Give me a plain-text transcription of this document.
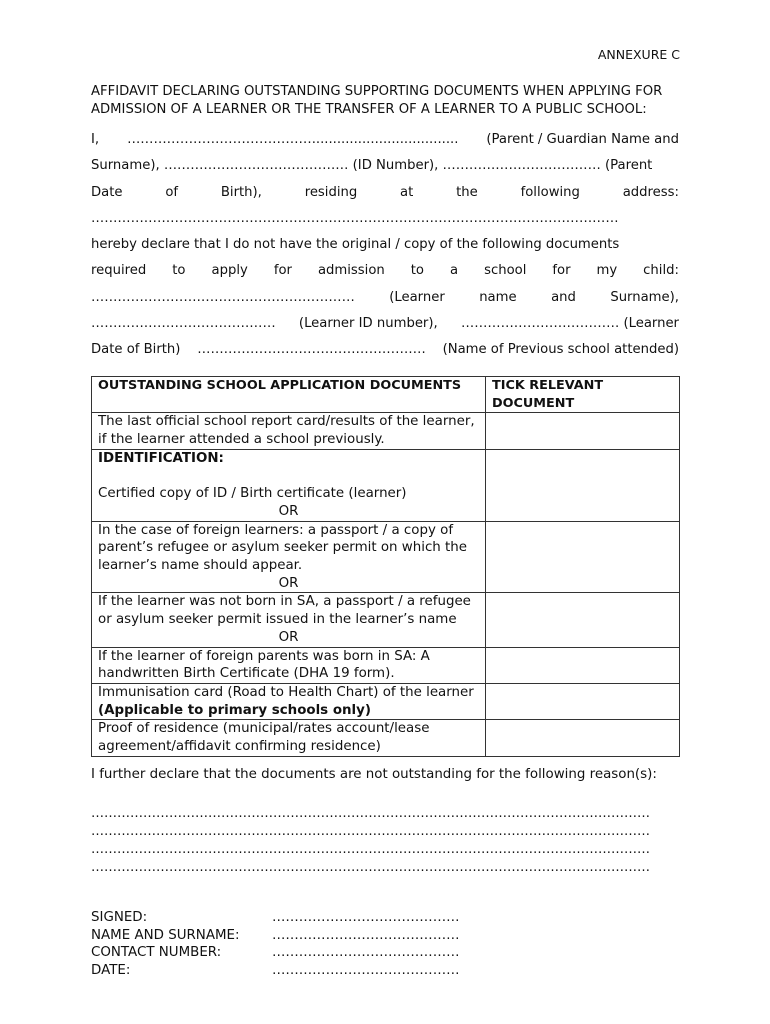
ANNEXURE C
AFFIDAVIT DECLARING OUTSTANDING SUPPORTING DOCUMENTS WHEN APPLYING FOR
ADMISSION OF A LEARNER OR THE TRANSFER OF A LEARNER TO A PUBLIC SCHOOL:
I, ……………………………………................................... (Parent / Guardian Name and
Surname), …………………………………… (ID Number), ……………………………… (Parent
Date	of	Birth),	residing	at	the	following	address:
…………………………………………………………………………………………………………
hereby declare that I do not have the original / copy of the following documents
required to apply for admission to a school for my child:
……………………………………………………	(Learner	name	and	Surname),
…………………………………… (Learner ID number), ……………………………… (Learner
Date of Birth) ……………………………………………. (Name of Previous school attended)
OUTSTANDING SCHOOL APPLICATION DOCUMENTS	TICK RELEVANT DOCUMENT

The last official school report card/results of the learner,
if the learner attended a school previously.	

IDENTIFICATION:
Certified copy of ID / Birth certificate (learner)
OR	

In the case of foreign learners: a passport / a copy of
parent’s refugee or asylum seeker permit on which the
learner’s name should appear.
OR	

If the learner was not born in SA, a passport / a refugee
or asylum seeker permit issued in the learner’s name
OR	

If the learner of foreign parents was born in SA: A
handwritten Birth Certificate (DHA 19 form).	

Immunisation card (Road to Health Chart) of the learner
(Applicable to primary schools only)	

Proof of residence (municipal/rates account/lease
agreement/affidavit confirming residence)	

I further declare that the documents are not outstanding for the following reason(s):
…………………………………………………………………………………………………………………
…………………………………………………………………………………………………………………
…………………………………………………………………………………………………………………
…………………………………………………………………………………………………………………
SIGNED:	……………………………………
NAME AND SURNAME:	……………………………………
CONTACT NUMBER:	……………………………………
DATE:	……………………………………
